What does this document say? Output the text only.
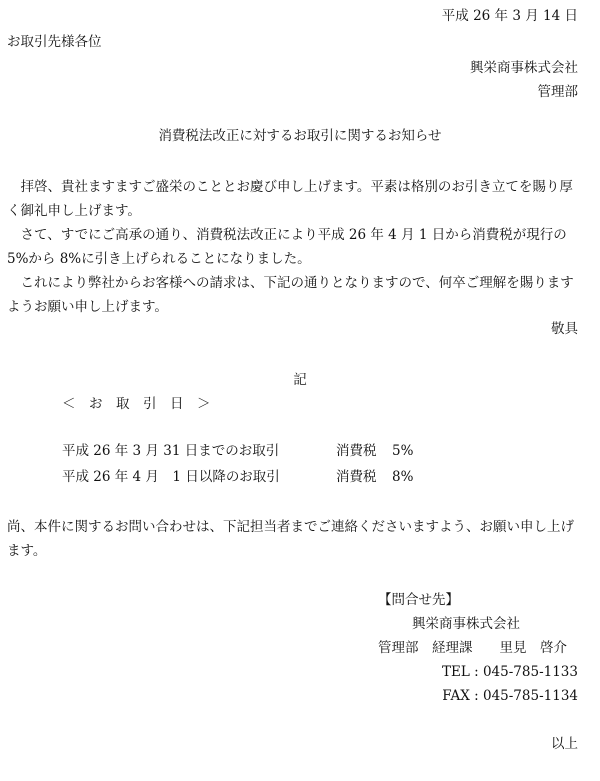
平成 26 年 3 月 14 日
お取引先様各位
興栄商事株式会社
管理部
消費税法改正に対するお取引に関するお知らせ
　拝啓、貴社ますますご盛栄のこととお慶び申し上げます。平素は格別のお引き立てを賜り厚く御礼申し上げます。
　さて、すでにご高承の通り、消費税法改正により平成 26 年 4 月 1 日から消費税が現行の 5%から 8%に引き上げられることになりました。
　これにより弊社からお客様への請求は、下記の通りとなりますので、何卒ご理解を賜りますようお願い申し上げます。
敬具
記
＜　お　取　引　日　＞
平成 26 年 3 月 31 日までのお取引	消費税 5%
平成 26 年 4 月　1 日以降のお取引	消費税 8%
尚、本件に関するお問い合わせは、下記担当者までご連絡くださいますよう、お願い申し上げます。
【問合せ先】
興栄商事株式会社
管理部　経理課　　里見　啓介
TEL : 045-785-1133
FAX : 045-785-1134
以上
